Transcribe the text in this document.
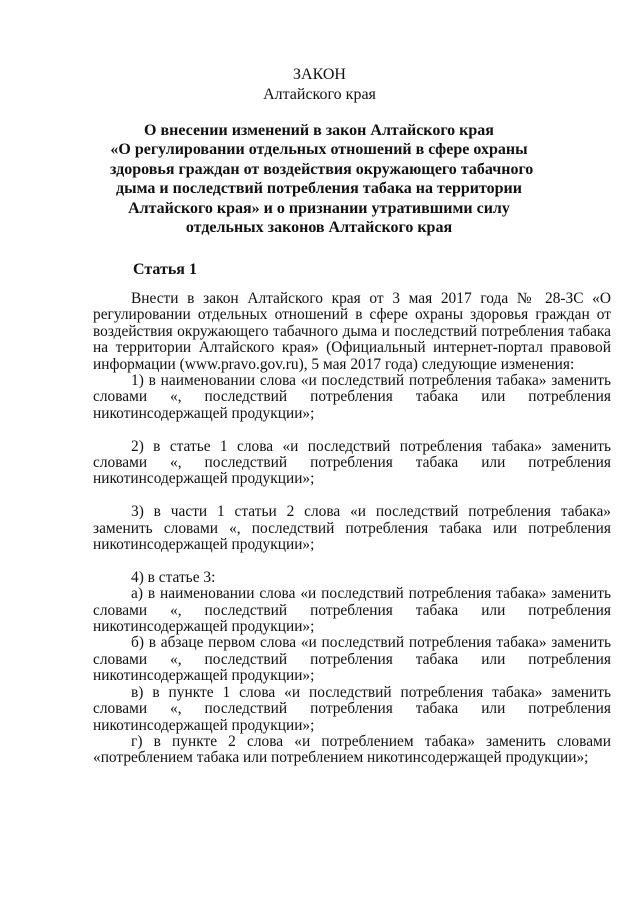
ЗАКОН
Алтайского края
О внесении изменений в закон Алтайского края
«О регулировании отдельных отношений в сфере охраны
здоровья граждан от воздействия окружающего табачного
дыма и последствий потребления табака на территории
Алтайского края» и о признании утратившими силу
отдельных законов Алтайского края
Статья 1

Внести в закон Алтайского края от 3 мая 2017 года № 28-ЗС «О регулировании отдельных отношений в сфере охраны здоровья граждан от воздействия окружающего табачного дыма и последствий потребления табака на территории Алтайского края» (Официальный интернет-портал правовой информации (www.pravo.gov.ru), 5 мая 2017 года) следующие изменения:

1) в наименовании слова «и последствий потребления табака» заменить словами «, последствий потребления табака или потребления никотинсодержащей продукции»;

2) в статье 1 слова «и последствий потребления табака» заменить словами «, последствий потребления табака или потребления никотинсодержащей продукции»;

3) в части 1 статьи 2 слова «и последствий потребления табака» заменить словами «, последствий потребления табака или потребления никотинсодержащей продукции»;

4) в статье 3:

а) в наименовании слова «и последствий потребления табака» заменить словами «, последствий потребления табака или потребления никотинсодержащей продукции»;

б) в абзаце первом слова «и последствий потребления табака» заменить словами «, последствий потребления табака или потребления никотинсодержащей продукции»;

в) в пункте 1 слова «и последствий потребления табака» заменить словами «, последствий потребления табака или потребления никотинсодержащей продукции»;

г) в пункте 2 слова «и потреблением табака» заменить словами «потреблением табака или потреблением никотинсодержащей продукции»;
